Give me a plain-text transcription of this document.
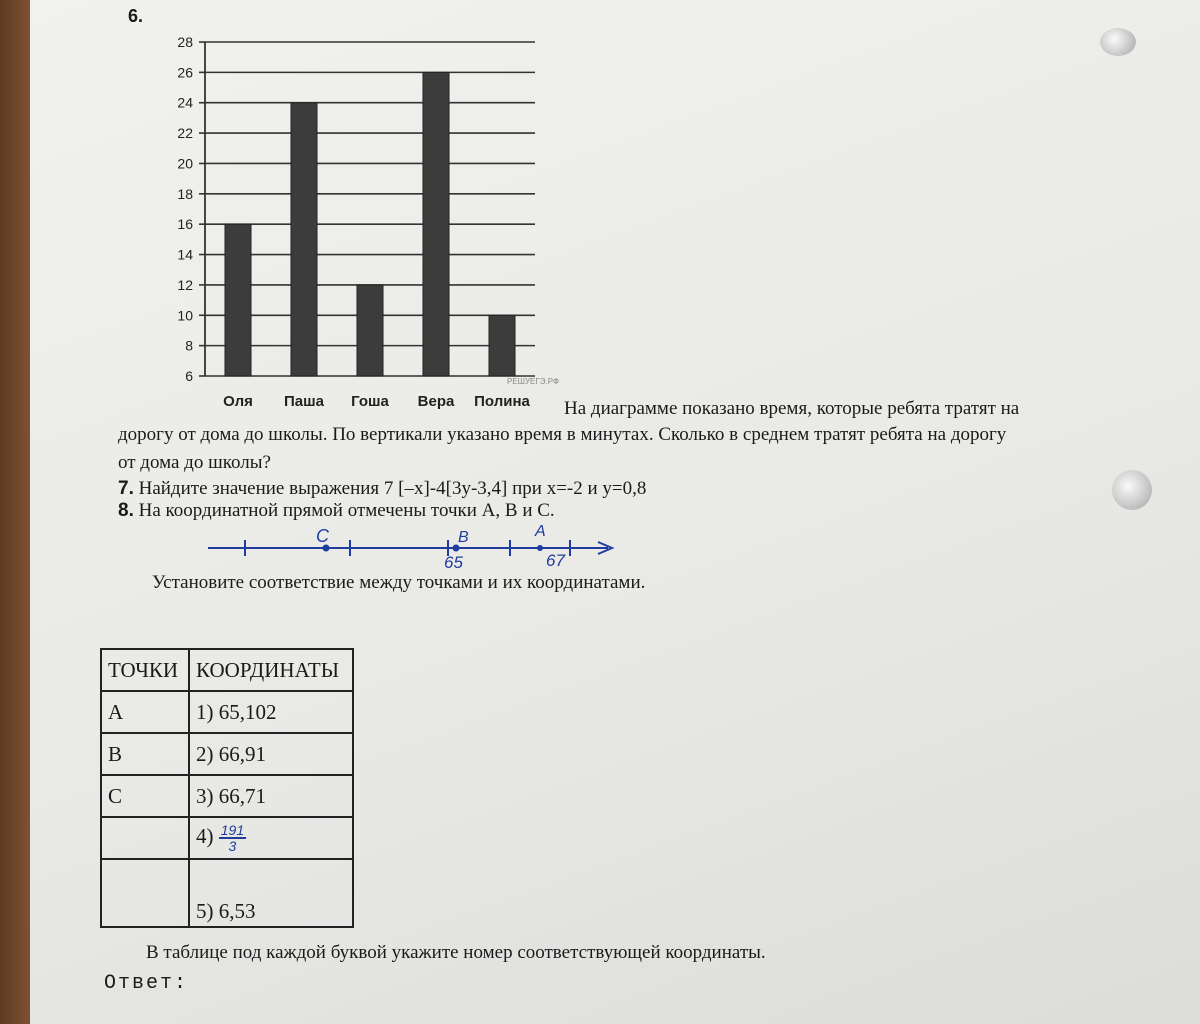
6.
6
8
10
12
14
16
18
20
22
24
26
28
Оля Паша Гоша Вера Полина
РЕШУЕГЭ.РФ
На диаграмме показано время, которые ребята тратят на
дорогу от дома до школы. По вертикали указано время в минутах. Сколько в среднем тратят ребята на дорогу
от дома до школы?
7. Найдите значение выражения 7 [–x]-4[3y-3,4] при x=-2 и y=0,8
8. На координатной прямой отмечены точки А, В и С.
C	B	A
65	67
Установите соответствие между точками и их координатами.
ТОЧКИ	КООРДИНАТЫ
A	1) 65,102
B	2) 66,91
C	3) 66,71
	$4) \frac{191}{3}$

	5) 6,53
В таблице под каждой буквой укажите номер соответствующей координаты.
Ответ:
